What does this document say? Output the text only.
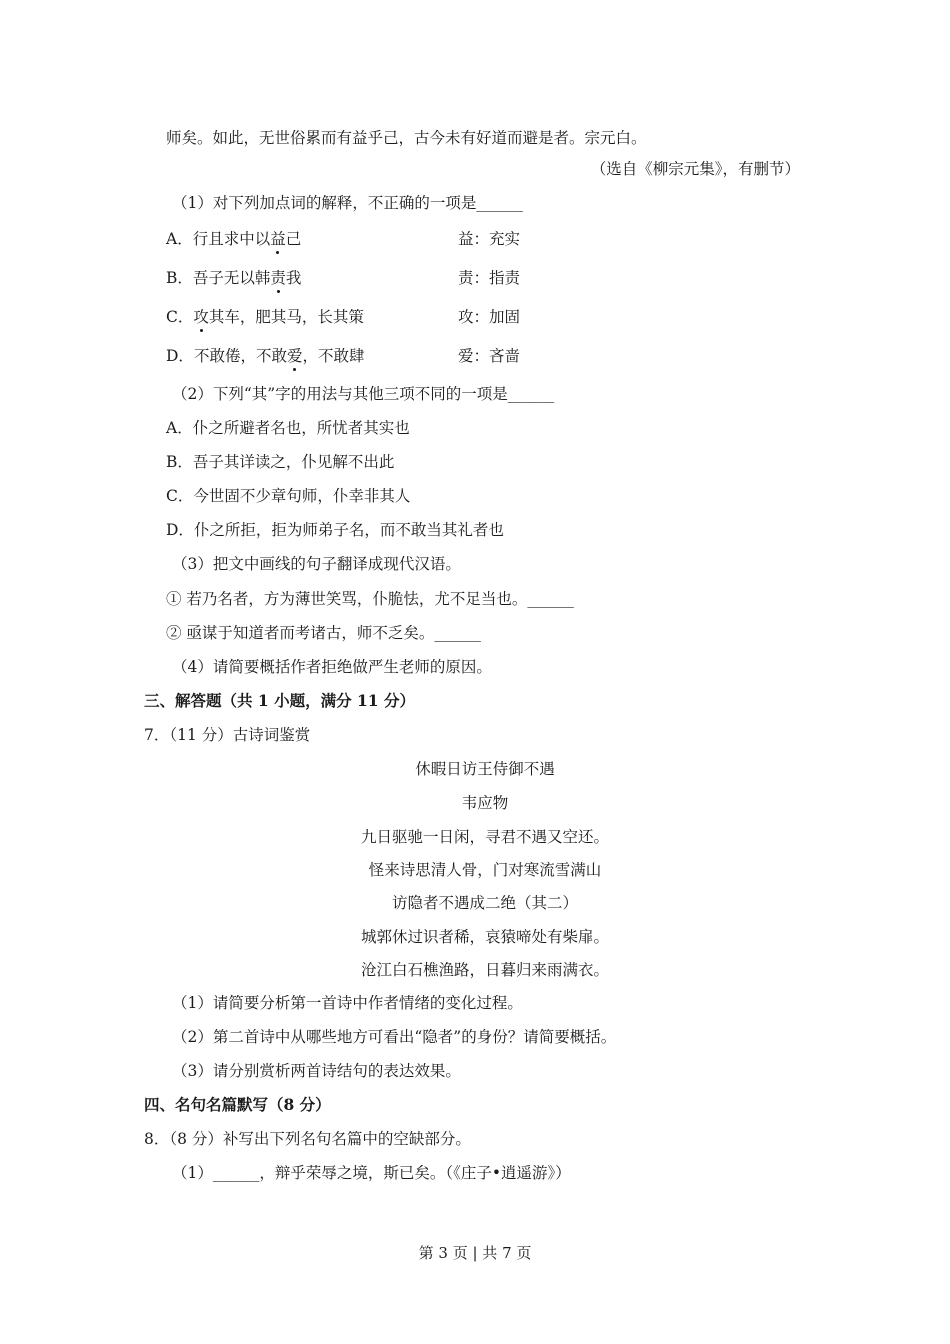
师矣。如此，无世俗累而有益乎己，古今未有好道而避是者。宗元白。
（选自《柳宗元集》，有删节）
（1）对下列加点词的解释，不正确的一项是______
A．行且求中以益己	益：充实
B．吾子无以韩责我	责：指责
C．攻其车，肥其马，长其策	攻：加固
D．不敢倦，不敢爱，不敢肆	爱：吝啬
（2）下列“其”字的用法与其他三项不同的一项是______
A．仆之所避者名也，所忧者其实也
B．吾子其详读之，仆见解不出此
C．今世固不少章句师，仆幸非其人
D．仆之所拒，拒为师弟子名，而不敢当其礼者也
（3）把文中画线的句子翻译成现代汉语。
① 若乃名者，方为薄世笑骂，仆脆怯，尤不足当也。______
② 亟谋于知道者而考诸古，师不乏矣。______
（4）请简要概括作者拒绝做严生老师的原因。
三、解答题（共 1 小题，满分 11 分）
7．（11 分）古诗词鉴赏
休暇日访王侍御不遇
韦应物
九日驱驰一日闲，寻君不遇又空还。
怪来诗思清人骨，门对寒流雪满山
访隐者不遇成二绝（其二）
城郭休过识者稀，哀猿啼处有柴扉。
沧江白石樵渔路，日暮归来雨满衣。
（1）请简要分析第一首诗中作者情绪的变化过程。
（2）第二首诗中从哪些地方可看出“隐者”的身份？请简要概括。
（3）请分别赏析两首诗结句的表达效果。
四、名句名篇默写（8 分）
8．（8 分）补写出下列名句名篇中的空缺部分。
（1）______，辩乎荣辱之境，斯已矣。（《庄子•逍遥游》）
第 3 页 | 共 7 页
